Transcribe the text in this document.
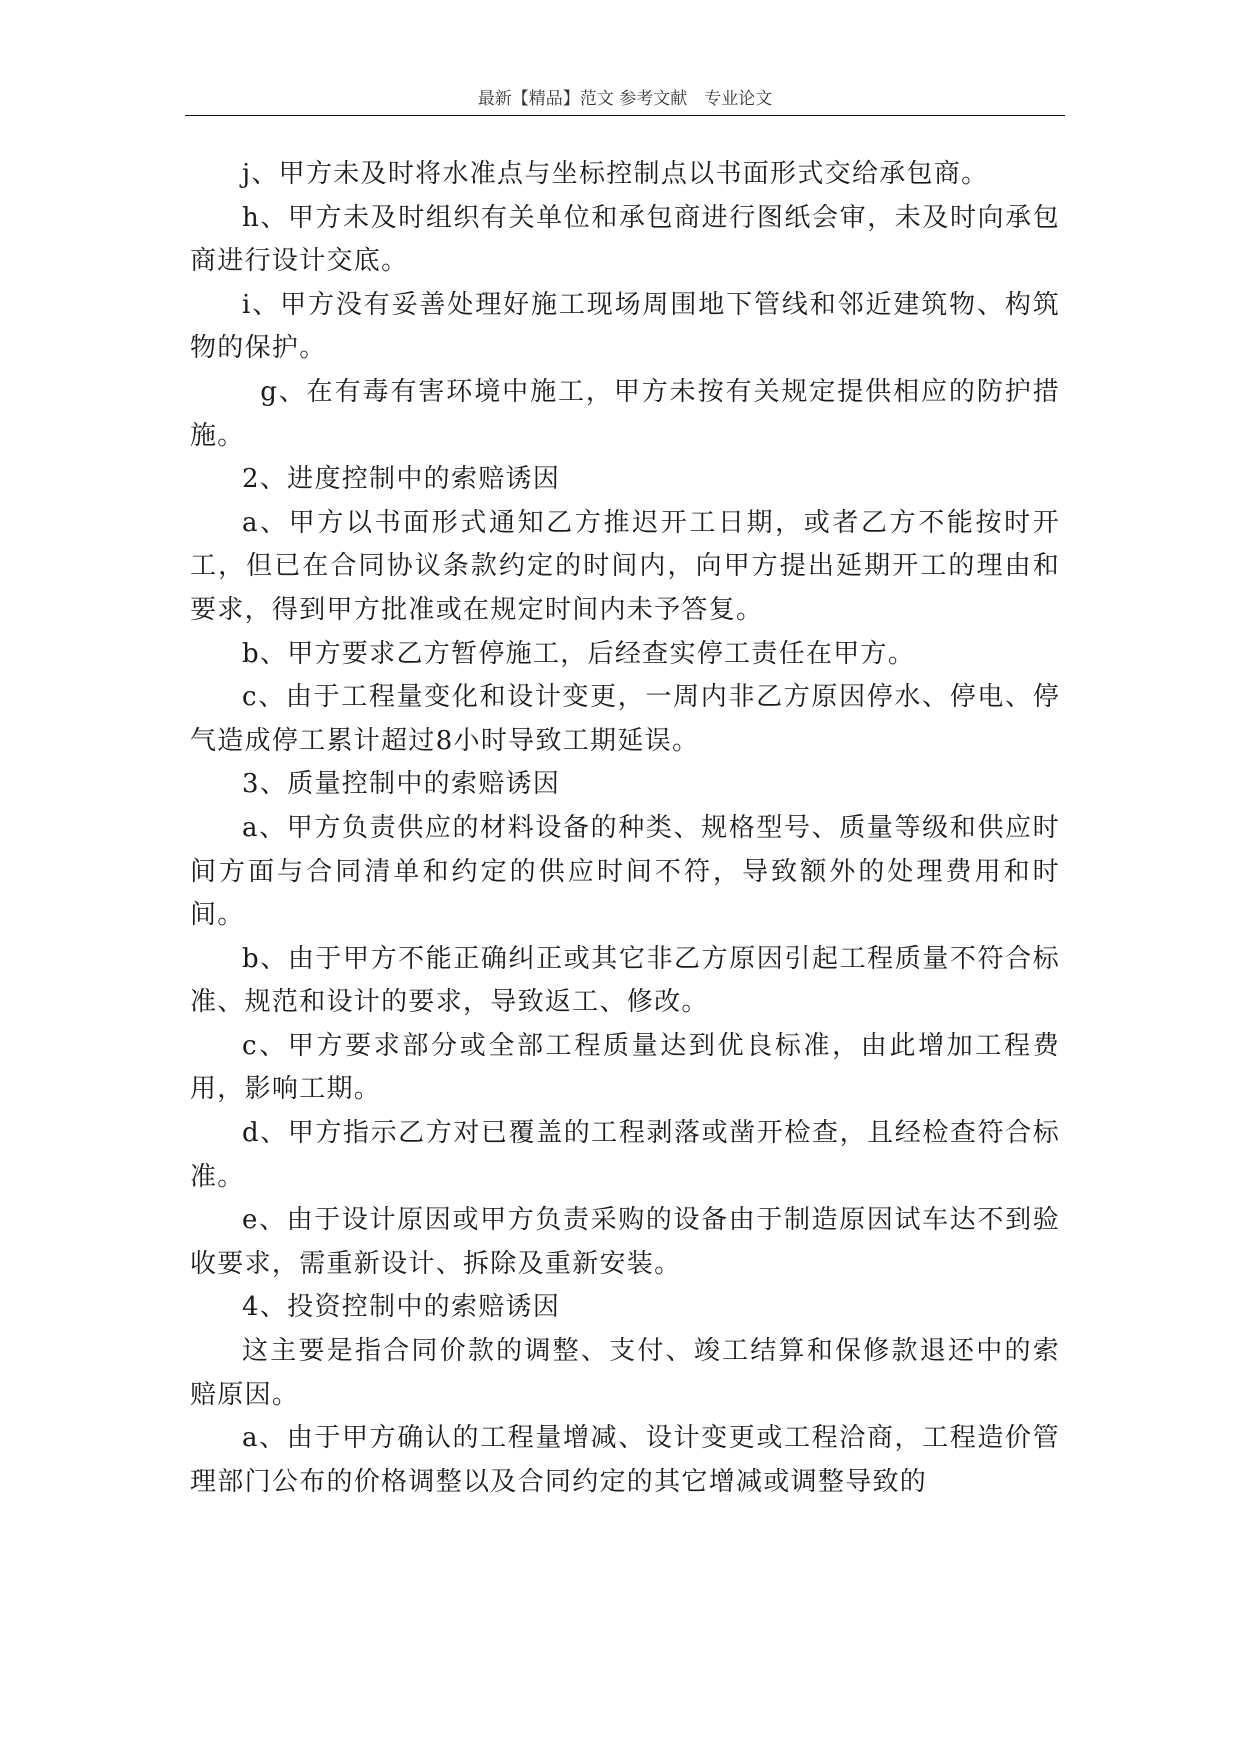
最新【精品】范文 参考文献　专业论文

j、甲方未及时将水准点与坐标控制点以书面形式交给承包商。

h、甲方未及时组织有关单位和承包商进行图纸会审，未及时向承包商进行设计交底。

i、甲方没有妥善处理好施工现场周围地下管线和邻近建筑物、构筑物的保护。

g、在有毒有害环境中施工，甲方未按有关规定提供相应的防护措施。

2、进度控制中的索赔诱因

a、甲方以书面形式通知乙方推迟开工日期，或者乙方不能按时开工，但已在合同协议条款约定的时间内，向甲方提出延期开工的理由和要求，得到甲方批准或在规定时间内未予答复。

b、甲方要求乙方暂停施工，后经查实停工责任在甲方。

c、由于工程量变化和设计变更，一周内非乙方原因停水、停电、停气造成停工累计超过8小时导致工期延误。

3、质量控制中的索赔诱因

a、甲方负责供应的材料设备的种类、规格型号、质量等级和供应时间方面与合同清单和约定的供应时间不符，导致额外的处理费用和时间。

b、由于甲方不能正确纠正或其它非乙方原因引起工程质量不符合标准、规范和设计的要求，导致返工、修改。

c、甲方要求部分或全部工程质量达到优良标准，由此增加工程费用，影响工期。

d、甲方指示乙方对已覆盖的工程剥落或凿开检查，且经检查符合标准。

e、由于设计原因或甲方负责采购的设备由于制造原因试车达不到验收要求，需重新设计、拆除及重新安装。

4、投资控制中的索赔诱因

这主要是指合同价款的调整、支付、竣工结算和保修款退还中的索赔原因。

a、由于甲方确认的工程量增减、设计变更或工程洽商，工程造价管理部门公布的价格调整以及合同约定的其它增减或调整导致的
